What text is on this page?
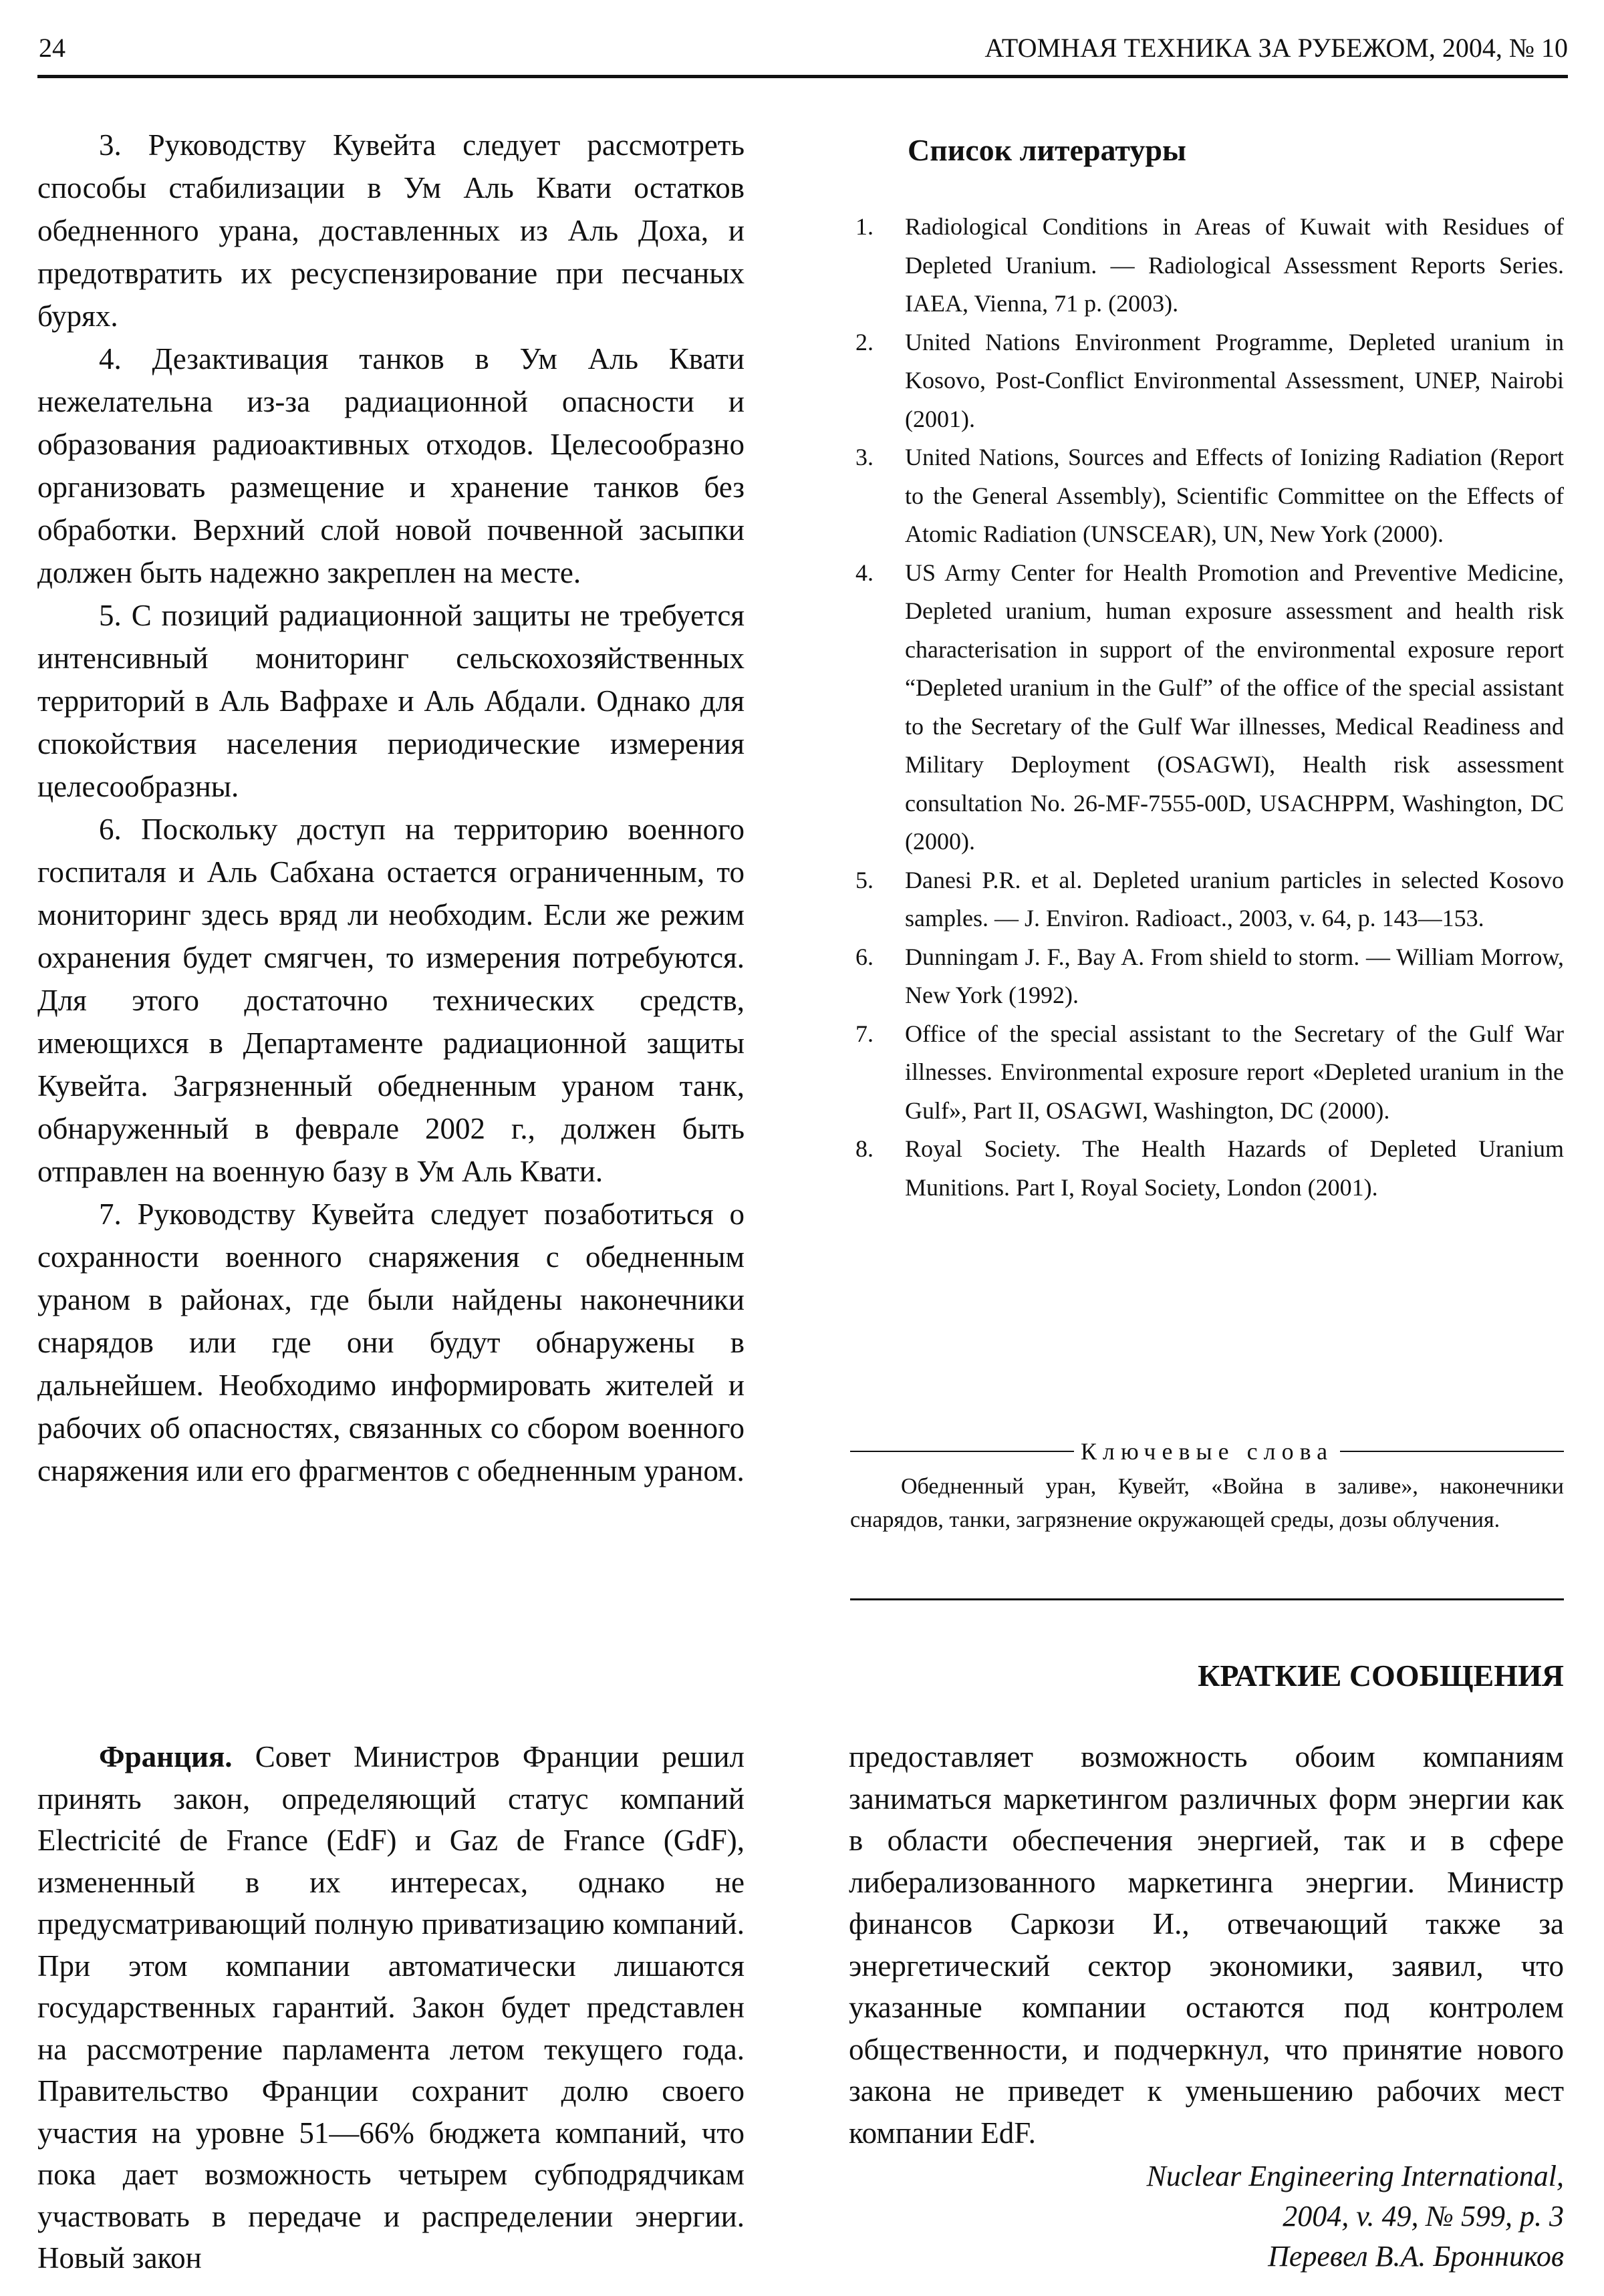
24	АТОМНАЯ ТЕХНИКА ЗА РУБЕЖОМ, 2004, № 10

3. Руководству Кувейта следует рассмотреть способы стабилизации в Ум Аль Квати остатков обедненного урана, доставленных из Аль Доха, и предотвратить их ресуспензирование при песчаных бурях.

4. Дезактивация танков в Ум Аль Квати нежелательна из-за радиационной опасности и образования радиоактивных отходов. Целесообразно организовать размещение и хранение танков без обработки. Верхний слой новой почвенной засыпки должен быть надежно закреплен на месте.

5. С позиций радиационной защиты не требуется интенсивный мониторинг сельскохозяйственных территорий в Аль Вафрахе и Аль Абдали. Однако для спокойствия населения периодические измерения целесообразны.

6. Поскольку доступ на территорию военного госпиталя и Аль Сабхана остается ограниченным, то мониторинг здесь вряд ли необходим. Если же режим охранения будет смягчен, то измерения потребуются. Для этого достаточно технических средств, имеющихся в Департаменте радиационной защиты Кувейта. Загрязненный обедненным ураном танк, обнаруженный в феврале 2002 г., должен быть отправлен на военную базу в Ум Аль Квати.

7. Руководству Кувейта следует позаботиться о сохранности военного снаряжения с обедненным ураном в районах, где были найдены наконечники снарядов или где они будут обнаружены в дальнейшем. Необходимо информировать жителей и рабочих об опасностях, связанных со сбором военного снаряжения или его фрагментов с обедненным ураном.

Список литературы
1. Radiological Conditions in Areas of Kuwait with Residues of Depleted Uranium. — Radiological Assessment Reports Series. IAEA, Vienna, 71 p. (2003).
2. United Nations Environment Programme, Depleted uranium in Kosovo, Post-Conflict Environmental Assessment, UNEP, Nairobi (2001).
3. United Nations, Sources and Effects of Ionizing Radiation (Report to the General Assembly), Scientific Committee on the Effects of Atomic Radiation (UNSCEAR), UN, New York (2000).
4. US Army Center for Health Promotion and Preventive Medicine, Depleted uranium, human exposure assessment and health risk characterisation in support of the environmental exposure report “Depleted uranium in the Gulf” of the office of the special assistant to the Secretary of the Gulf War illnesses, Medical Readiness and Military Deployment (OSAGWI), Health risk assessment consultation No. 26-MF-7555-00D, USACHPPM, Washington, DC (2000).
5. Danesi P.R. et al. Depleted uranium particles in selected Kosovo samples. — J. Environ. Radioact., 2003, v. 64, p. 143—153.
6. Dunningam J. F., Bay A. From shield to storm. — William Morrow, New York (1992).
7. Office of the special assistant to the Secretary of the Gulf War illnesses. Environmental exposure report «Depleted uranium in the Gulf», Part II, OSAGWI, Washington, DC (2000).
8. Royal Society. The Health Hazards of Depleted Uranium Munitions. Part I, Royal Society, London (2001).
Ключевые слова

Обедненный уран, Кувейт, «Война в заливе», наконечники снарядов, танки, загрязнение окружающей среды, дозы облучения.

КРАТКИЕ СООБЩЕНИЯ

Франция. Совет Министров Франции решил принять закон, определяющий статус компаний Electricité de France (EdF) и Gaz de France (GdF), измененный в их интересах, однако не предусматривающий полную приватизацию компаний. При этом компании автоматически лишаются государственных гарантий. Закон будет представлен на рассмотрение парламента летом текущего года. Правительство Франции сохранит долю своего участия на уровне 51—66% бюджета компаний, что пока дает возможность четырем субподрядчикам участвовать в передаче и распределении энергии. Новый закон

предоставляет возможность обоим компаниям заниматься маркетингом различных форм энергии как в области обеспечения энергией, так и в сфере либерализованного маркетинга энергии. Министр финансов Саркози И., отвечающий также за энергетический сектор экономики, заявил, что указанные компании остаются под контролем общественности, и подчеркнул, что принятие нового закона не приведет к уменьшению рабочих мест компании EdF.

Nuclear Engineering International,
2004, v. 49, № 599, p. 3
Перевел В.А. Бронников
